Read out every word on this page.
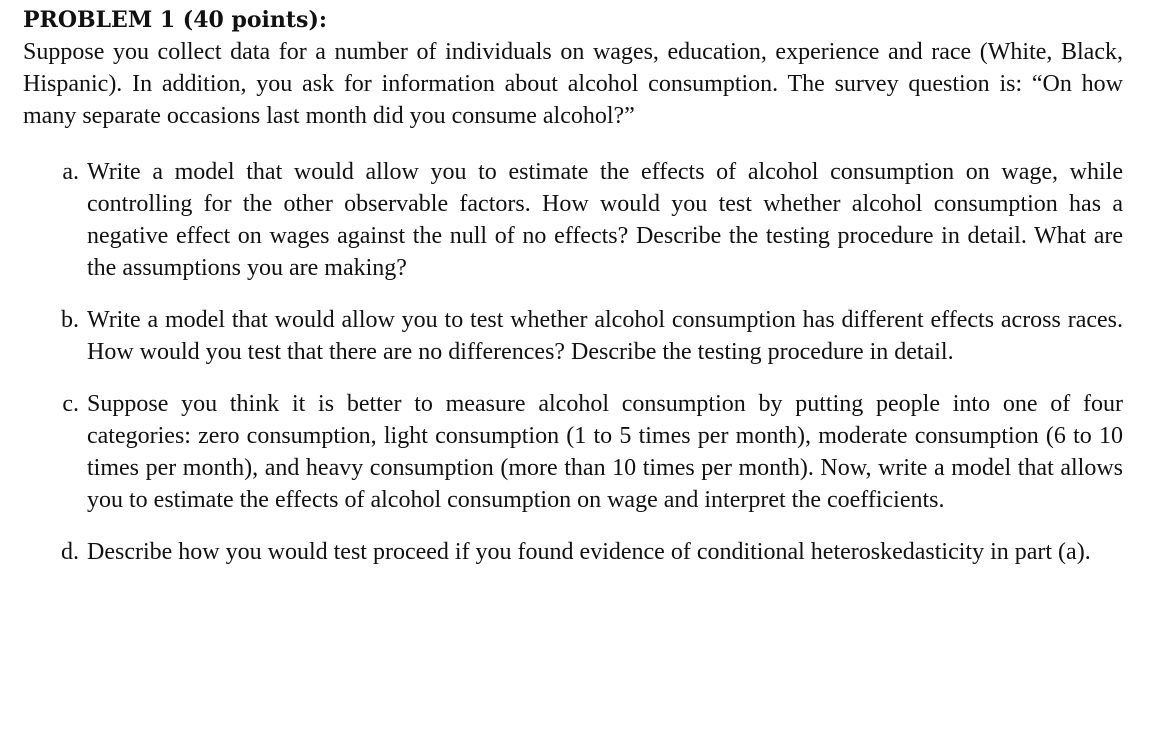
PROBLEM 1 (40 points):

Suppose you collect data for a number of individuals on wages, education, experience and race (White, Black, Hispanic). In addition, you ask for information about alcohol consumption. The survey question is: “On how many separate occasions last month did you consume alcohol?”

a. Write a model that would allow you to estimate the effects of alcohol consumption on wage, while controlling for the other observable factors. How would you test whether alcohol consumption has a negative effect on wages against the null of no effects? Describe the testing procedure in detail. What are the assumptions you are making?
b. Write a model that would allow you to test whether alcohol consumption has different effects across races. How would you test that there are no differences? Describe the testing procedure in detail.
c. Suppose you think it is better to measure alcohol consumption by putting people into one of four categories: zero consumption, light consumption (1 to 5 times per month), moderate consumption (6 to 10 times per month), and heavy consumption (more than 10 times per month). Now, write a model that allows you to estimate the effects of alcohol consumption on wage and interpret the coefficients.
d. Describe how you would test proceed if you found evidence of conditional heteroskedasticity in part (a).
